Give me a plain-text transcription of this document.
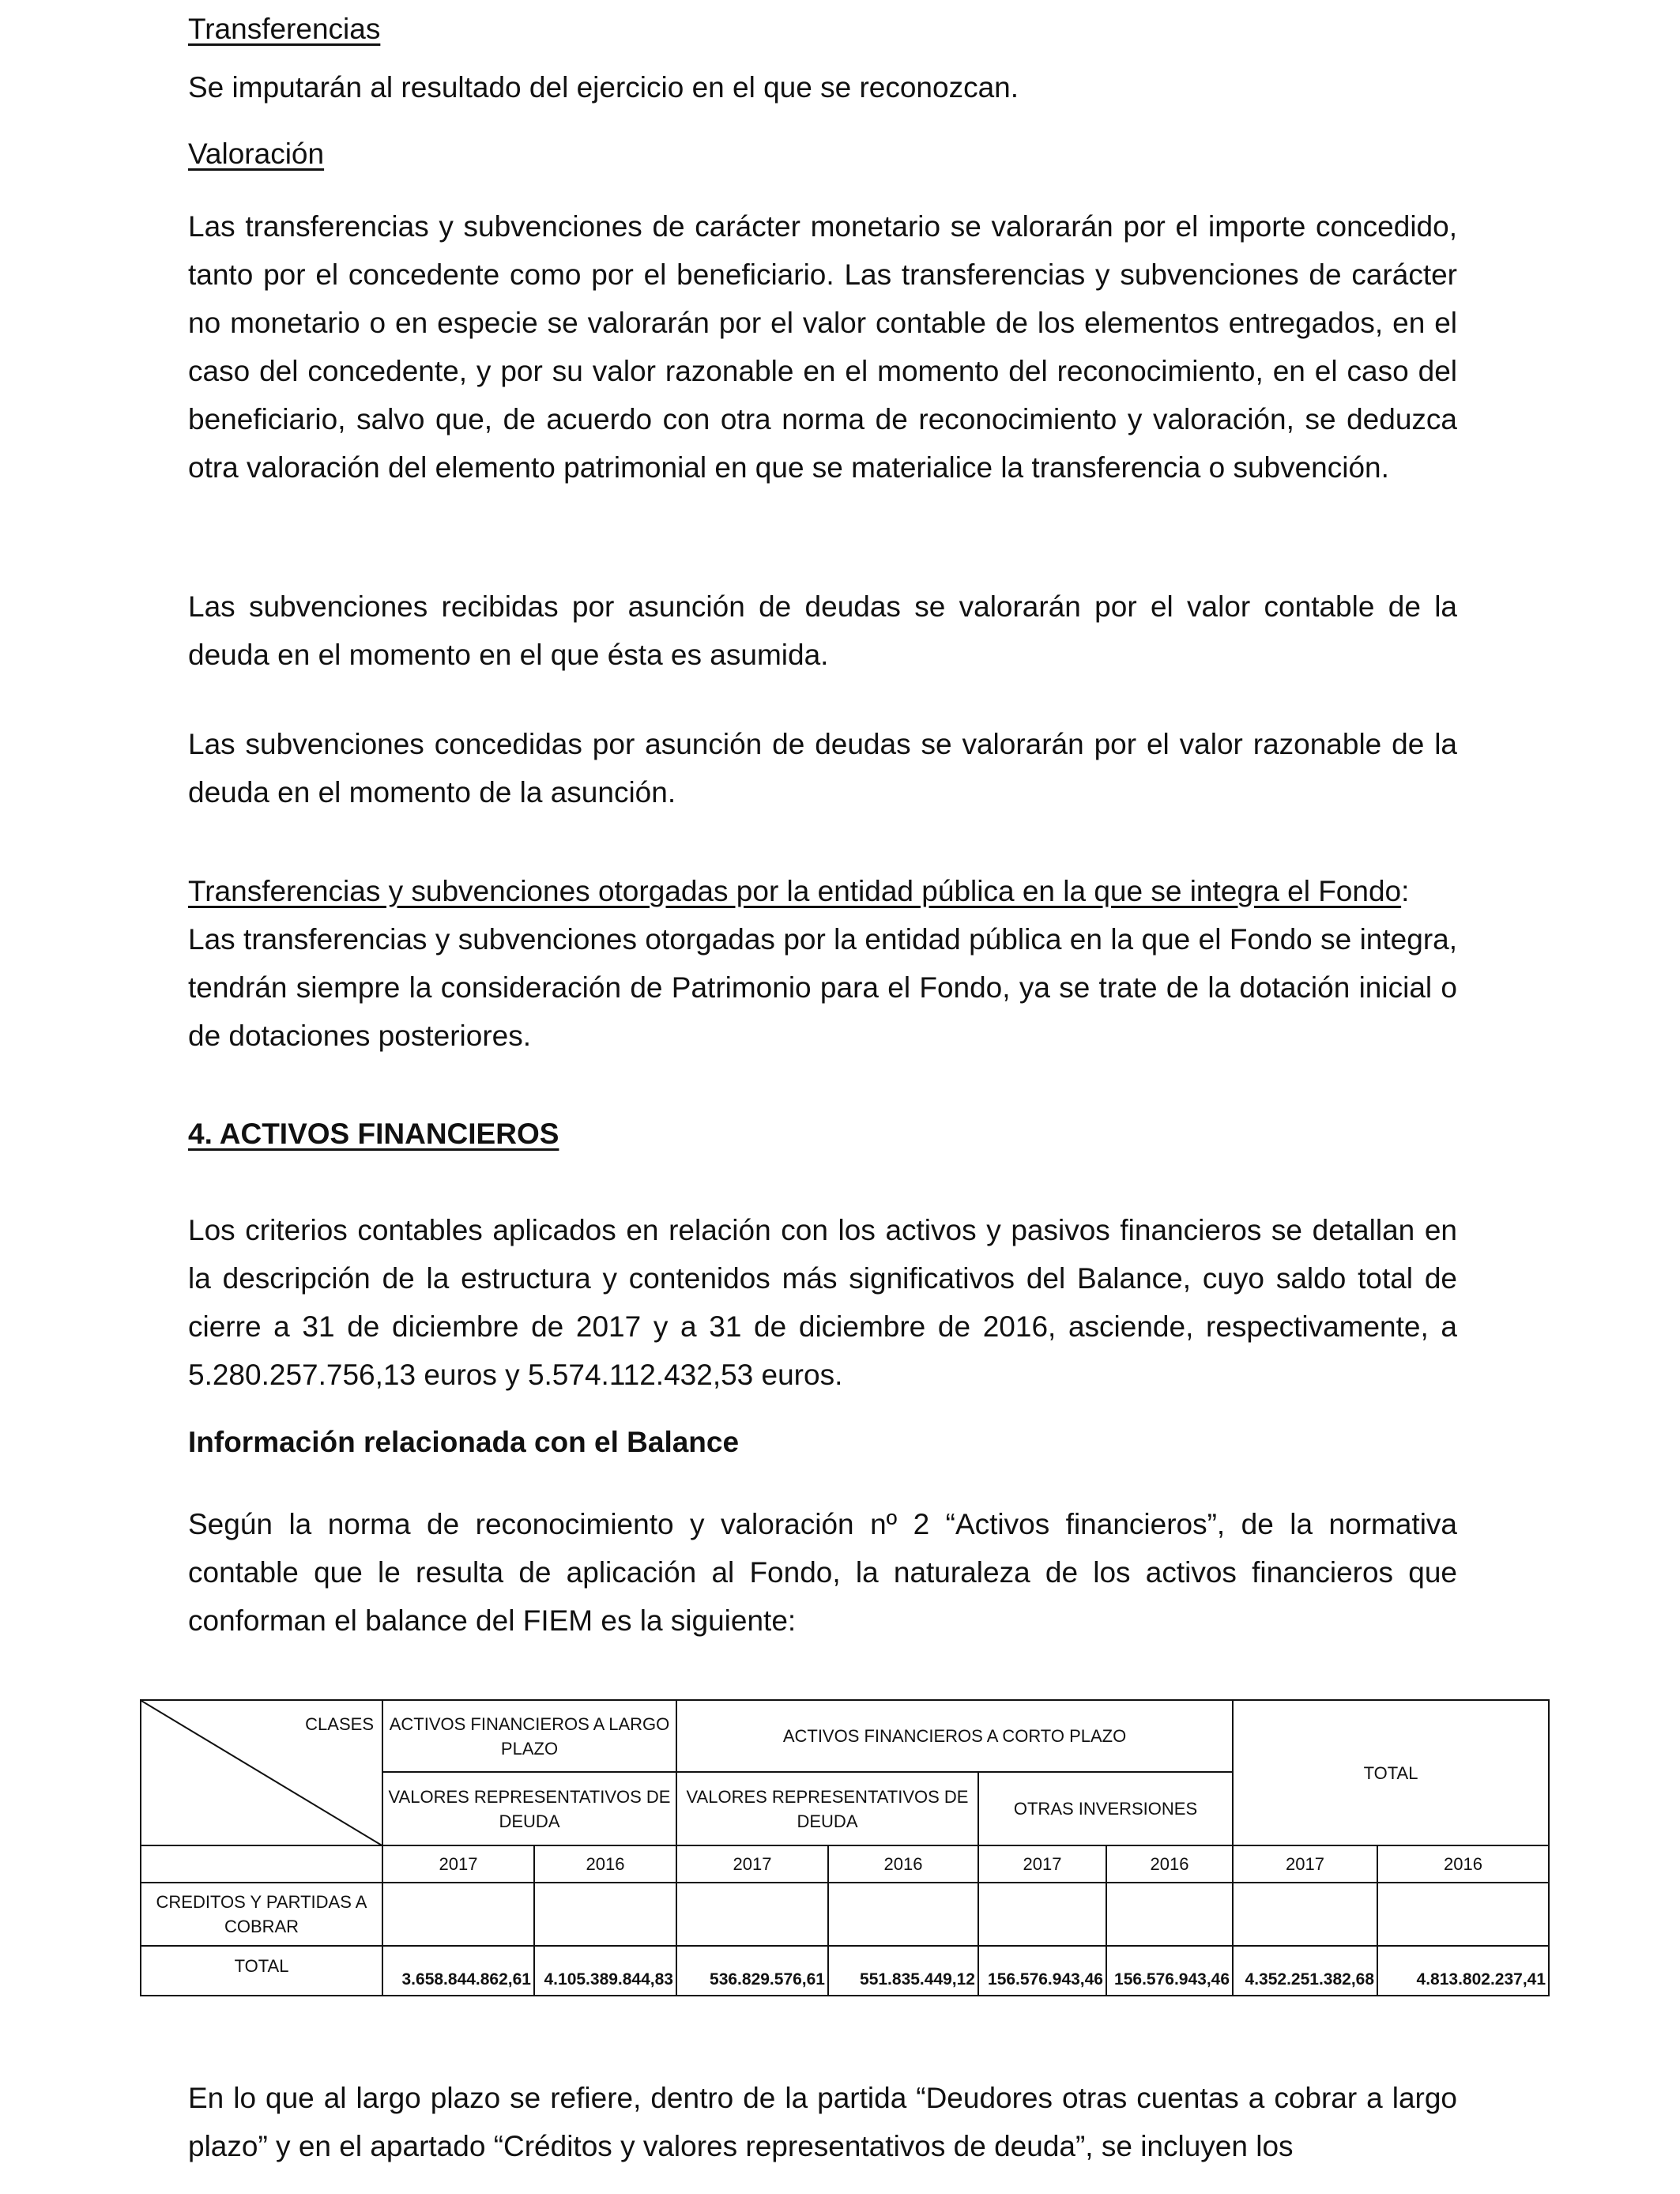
Transferencias
Se imputarán al resultado del ejercicio en el que se reconozcan.
Valoración
Las transferencias y subvenciones de carácter monetario se valorarán por el importe concedido, tanto por el concedente como por el beneficiario. Las transferencias y subvenciones de carácter no monetario o en especie se valorarán por el valor contable de los elementos entregados, en el caso del concedente, y por su valor razonable en el momento del reconocimiento, en el caso del beneficiario, salvo que, de acuerdo con otra norma de reconocimiento y valoración, se deduzca otra valoración del elemento patrimonial en que se materialice la transferencia o subvención.
Las subvenciones recibidas por asunción de deudas se valorarán por el valor contable de la deuda en el momento en el que ésta es asumida.
Las subvenciones concedidas por asunción de deudas se valorarán por el valor razonable de la deuda en el momento de la asunción.
Transferencias y subvenciones otorgadas por la entidad pública en la que se integra el Fondo:
Las transferencias y subvenciones otorgadas por la entidad pública en la que el Fondo se integra, tendrán siempre la consideración de Patrimonio para el Fondo, ya se trate de la dotación inicial o de dotaciones posteriores.
4. ACTIVOS FINANCIEROS
Los criterios contables aplicados en relación con los activos y pasivos financieros se detallan en la descripción de la estructura y contenidos más significativos del Balance, cuyo saldo total de cierre a 31 de diciembre de 2017 y a 31 de diciembre de 2016, asciende, respectivamente, a 5.280.257.756,13 euros y 5.574.112.432,53 euros.
Información relacionada con el Balance
Según la norma de reconocimiento y valoración nº 2 “Activos financieros”, de la normativa contable que le resulta de aplicación al Fondo, la naturaleza de los activos financieros que conforman el balance del FIEM es la siguiente:
CLASES	ACTIVOS FINANCIEROS A LARGO PLAZO		ACTIVOS FINANCIEROS A CORTO PLAZO				TOTAL	
	VALORES REPRESENTATIVOS DE DEUDA		VALORES REPRESENTATIVOS DE DEUDA		OTRAS INVERSIONES			
	2017	2016	2017	2016	2017	2016	2017	2016
CREDITOS Y PARTIDAS A COBRAR								
TOTAL	3.658.844.862,61	4.105.389.844,83	536.829.576,61	551.835.449,12	156.576.943,46	156.576.943,46	4.352.251.382,68	4.813.802.237,41
En lo que al largo plazo se refiere, dentro de la partida “Deudores otras cuentas a cobrar a largo plazo” y en el apartado “Créditos y valores representativos de deuda”, se incluyen los
